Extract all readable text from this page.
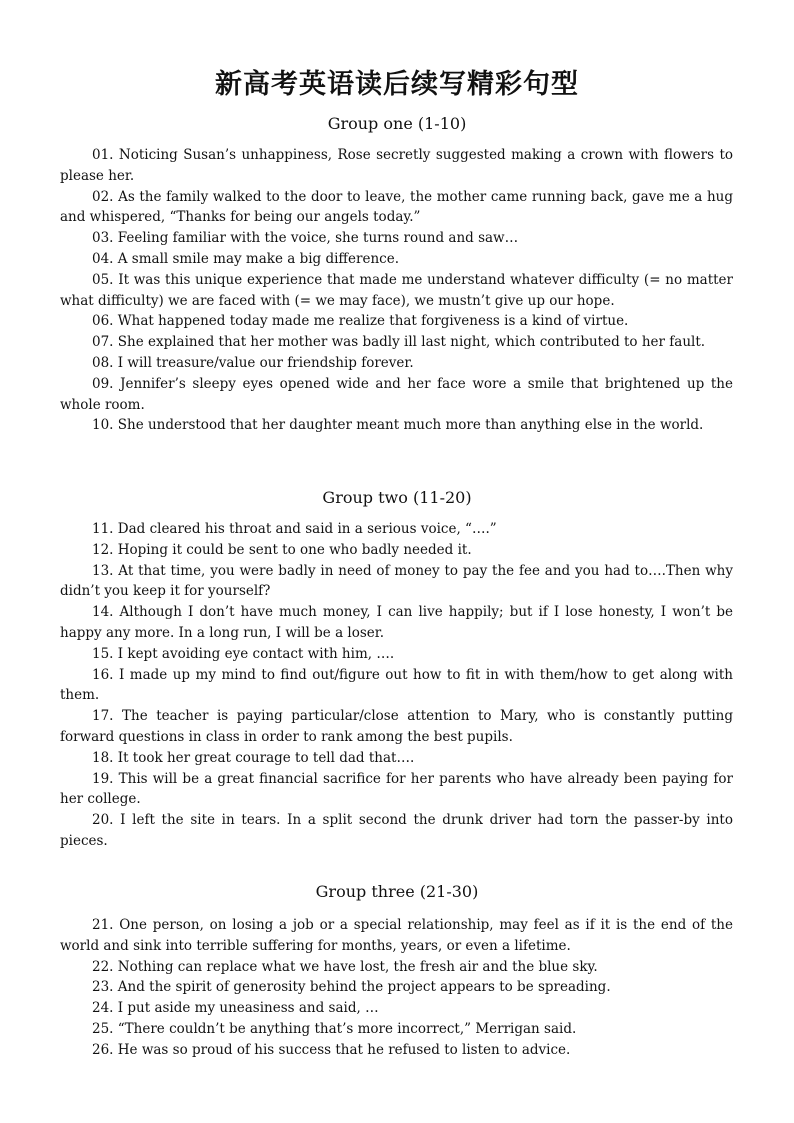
新高考英语读后续写精彩句型
Group one (1-10)

01. Noticing Susan’s unhappiness, Rose secretly suggested making a crown with flowers to please her.

02. As the family walked to the door to leave, the mother came running back, gave me a hug and whispered, “Thanks for being our angels today.”

03. Feeling familiar with the voice, she turns round and saw…

04. A small smile may make a big difference.

05. It was this unique experience that made me understand whatever difficulty (= no matter what difficulty) we are faced with (= we may face), we mustn’t give up our hope.

06. What happened today made me realize that forgiveness is a kind of virtue.

07. She explained that her mother was badly ill last night, which contributed to her fault.

08. I will treasure/value our friendship forever.

09. Jennifer’s sleepy eyes opened wide and her face wore a smile that brightened up the whole room.

10. She understood that her daughter meant much more than anything else in the world.

Group two (11-20)

11. Dad cleared his throat and said in a serious voice, “….”

12. Hoping it could be sent to one who badly needed it.

13. At that time, you were badly in need of money to pay the fee and you had to….Then why didn’t you keep it for yourself?

14. Although I don’t have much money, I can live happily; but if I lose honesty, I won’t be happy any more. In a long run, I will be a loser.

15. I kept avoiding eye contact with him, ….

16. I made up my mind to find out/figure out how to fit in with them/how to get along with them.

17. The teacher is paying particular/close attention to Mary, who is constantly putting forward questions in class in order to rank among the best pupils.

18. It took her great courage to tell dad that….

19. This will be a great financial sacrifice for her parents who have already been paying for her college.

20. I left the site in tears. In a split second the drunk driver had torn the passer-by into pieces.

Group three (21-30)

21. One person, on losing a job or a special relationship, may feel as if it is the end of the world and sink into terrible suffering for months, years, or even a lifetime.

22. Nothing can replace what we have lost, the fresh air and the blue sky.

23. And the spirit of generosity behind the project appears to be spreading.

24. I put aside my uneasiness and said, …

25. “There couldn’t be anything that’s more incorrect,” Merrigan said.

26. He was so proud of his success that he refused to listen to advice.
